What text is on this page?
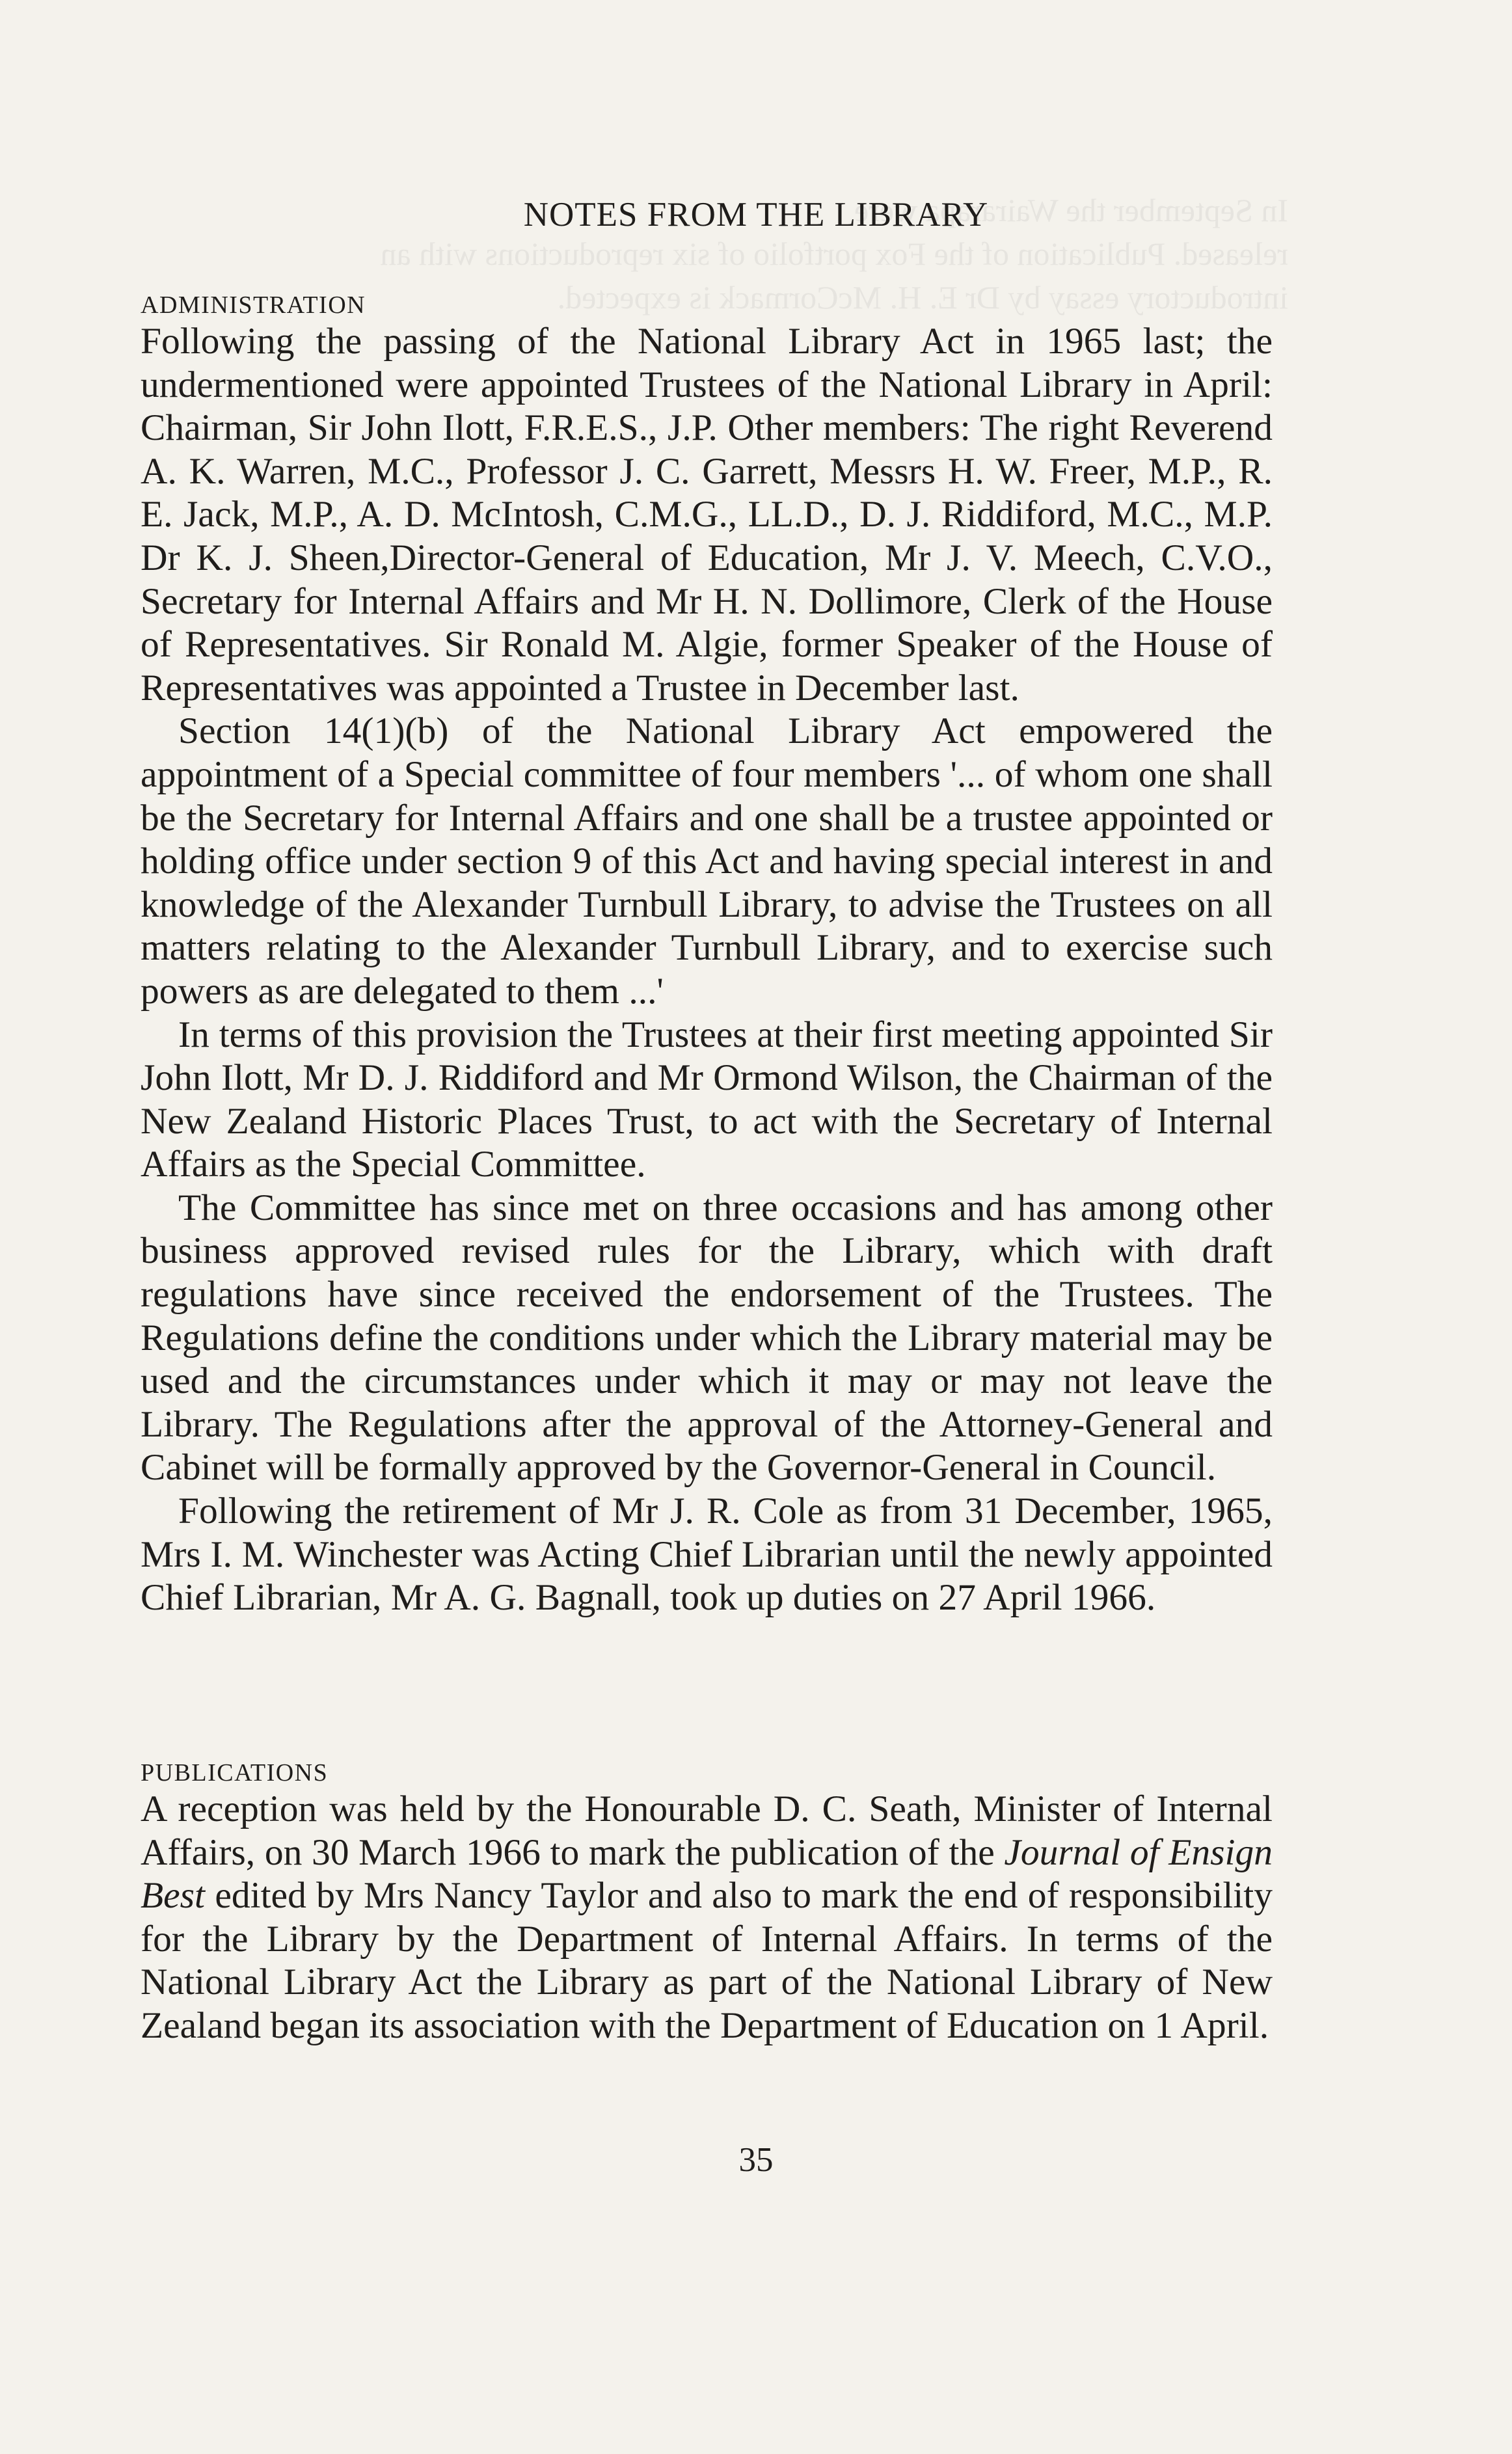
In September the Wairarapa were
released. Publication of the Fox portfolio of six reproductions with an
introductory essay by Dr E. H. McCormack is expected.
NOTES FROM THE LIBRARY
ADMINISTRATION

Following the passing of the National Library Act in 1965 last; the undermentioned were appointed Trustees of the National Library in April: Chairman, Sir John Ilott, F.R.E.S., J.P. Other members: The right Reverend A. K. Warren, M.C., Professor J. C. Garrett, Messrs H. W. Freer, M.P., R. E. Jack, M.P., A. D. McIntosh, C.M.G., LL.D., D. J. Riddiford, M.C., M.P. Dr K. J. Sheen,Director-General of Education, Mr J. V. Meech, C.V.O., Secretary for Internal Affairs and Mr H. N. Dollimore, Clerk of the House of Representatives. Sir Ronald M. Algie, former Speaker of the House of Representatives was appointed a Trustee in December last.

Section 14(1)(b) of the National Library Act empowered the appointment of a Special committee of four members '... of whom one shall be the Secretary for Internal Affairs and one shall be a trustee appointed or holding office under section 9 of this Act and having special interest in and knowledge of the Alexander Turnbull Library, to advise the Trustees on all matters relating to the Alexander Turnbull Library, and to exercise such powers as are delegated to them ...'

In terms of this provision the Trustees at their first meeting appointed Sir John Ilott, Mr D. J. Riddiford and Mr Ormond Wilson, the Chairman of the New Zealand Historic Places Trust, to act with the Secretary of Internal Affairs as the Special Committee.

The Committee has since met on three occasions and has among other business approved revised rules for the Library, which with draft regulations have since received the endorsement of the Trustees. The Regulations define the conditions under which the Library material may be used and the circumstances under which it may or may not leave the Library. The Regulations after the approval of the Attorney-General and Cabinet will be formally approved by the Governor-General in Council.

Following the retirement of Mr J. R. Cole as from 31 December, 1965, Mrs I. M. Winchester was Acting Chief Librarian until the newly appointed Chief Librarian, Mr A. G. Bagnall, took up duties on 27 April 1966.

PUBLICATIONS

A reception was held by the Honourable D. C. Seath, Minister of Internal Affairs, on 30 March 1966 to mark the publication of the Journal of Ensign Best edited by Mrs Nancy Taylor and also to mark the end of responsibility for the Library by the Department of Internal Affairs. In terms of the National Library Act the Library as part of the National Library of New Zealand began its association with the Department of Education on 1 April.

35
